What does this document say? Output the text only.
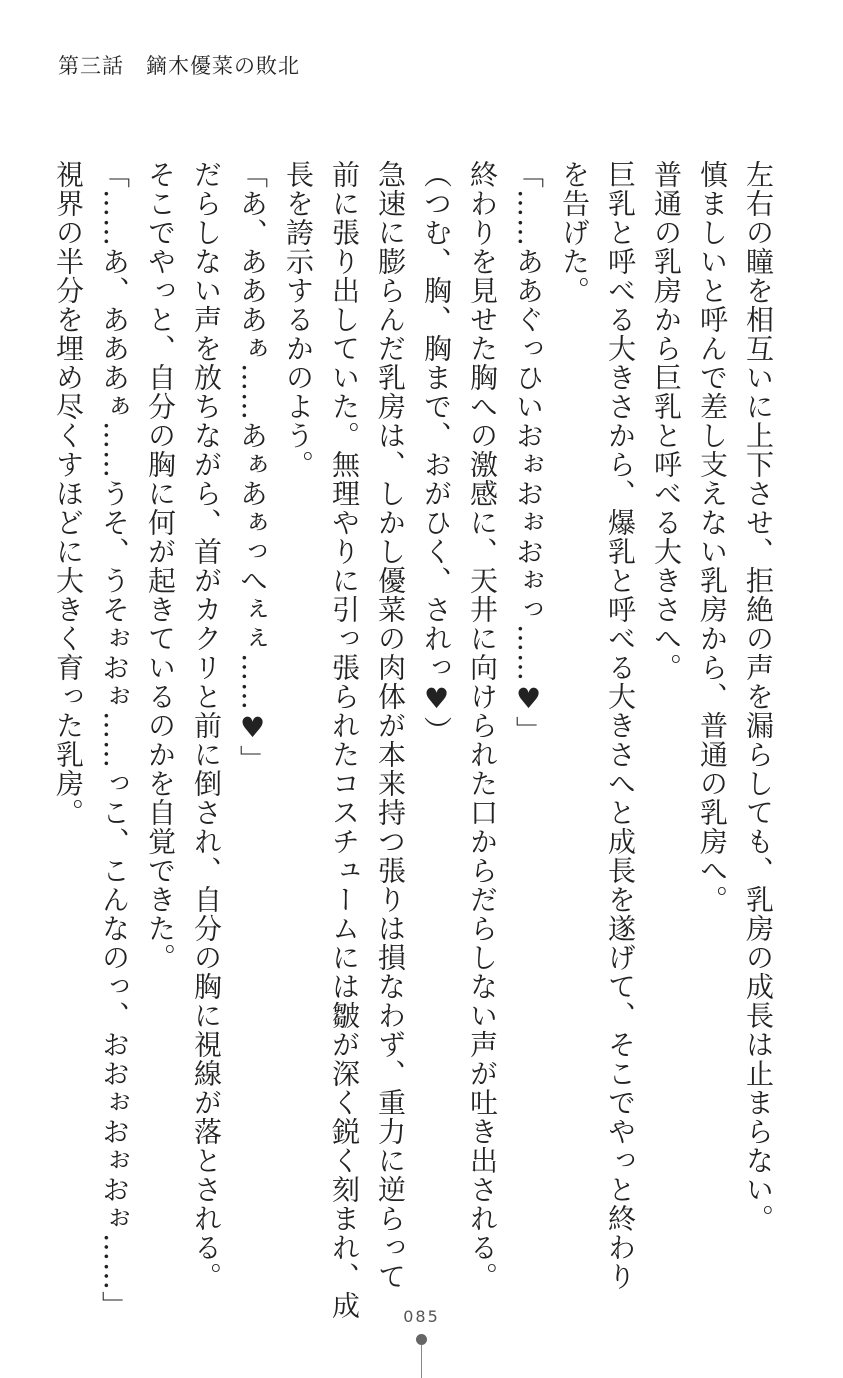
第三話　鏑木優菜の敗北
左右の瞳を相互いに上下させ、拒絶の声を漏らしても、乳房の成長は止まらない。
慎ましいと呼んで差し支えない乳房から、普通の乳房へ。
普通の乳房から巨乳と呼べる大きさへ。
巨乳と呼べる大きさから、爆乳と呼べる大きさへと成長を遂げて、そこでやっと終わり
を告げた。
「……ああぐっひいおぉおぉおぉっ……♥」
終わりを見せた胸への激感に、天井に向けられた口からだらしない声が吐き出される。
（つむ、胸、胸まで、おがひく、されっ♥）
急速に膨らんだ乳房は、しかし優菜の肉体が本来持つ張りは損なわず、重力に逆らって
前に張り出していた。無理やりに引っ張られたコスチュームには皺が深く鋭く刻まれ、成
長を誇示するかのよう。
「あ、あああぁ……あぁあぁっへぇぇ……♥」
だらしない声を放ちながら、首がカクリと前に倒され、自分の胸に視線が落とされる。
そこでやっと、自分の胸に何が起きているのかを自覚できた。
「……あ、あああぁ……うそ、うそぉおぉ……っこ、こんなのっ、おおぉおぉおぉ……」
視界の半分を埋め尽くすほどに大きく育った乳房。
085
